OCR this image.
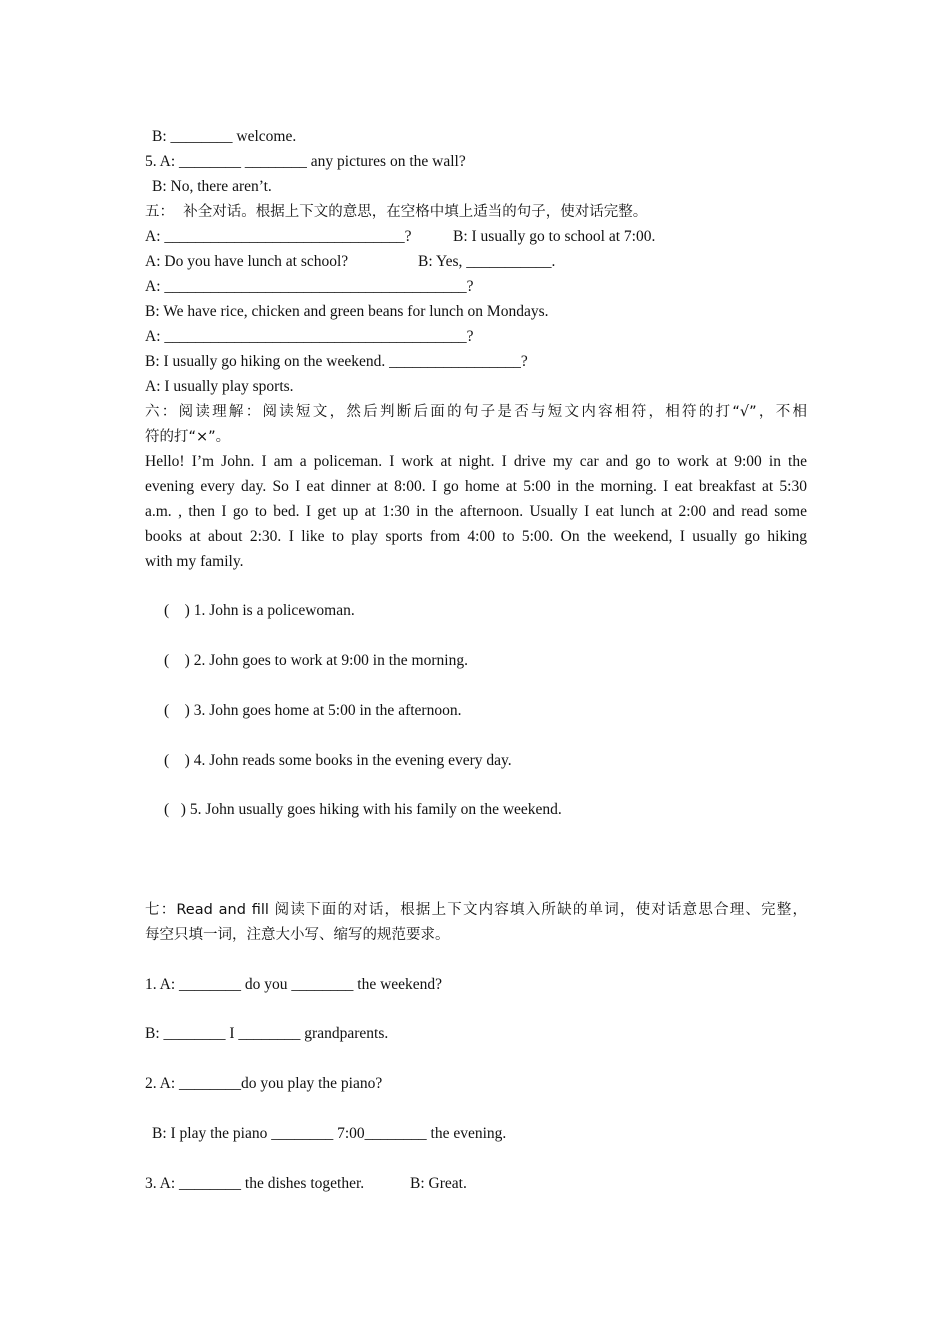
B: ________ welcome.
5. A: ________ ________ any pictures on the wall?
B: No, there aren’t.
五：  补全对话。根据上下文的意思，在空格中填上适当的句子，使对话完整。
A: _______________________________? B: I usually go to school at 7:00.
A: Do you have lunch at school?	B: Yes, ___________.
A: _______________________________________?
B: We have rice, chicken and green beans for lunch on Mondays.
A: _______________________________________?
B: I usually go hiking on the weekend. _________________?
A: I usually play sports.
六：阅读理解：阅读短文，然后判断后面的句子是否与短文内容相符，相符的打“√”，不相
符的打“×”。
Hello! I’m John. I am a policeman. I work at night. I drive my car and go to work at 9:00 in the
evening every day. So I eat dinner at 8:00. I go home at 5:00 in the morning. I eat breakfast at 5:30
a.m. , then I go to bed. I get up at 1:30 in the afternoon. Usually I eat lunch at 2:00 and read some
books at about 2:30. I like to play sports from 4:00 to 5:00. On the weekend, I usually go hiking
with my family.
(    ) 1. John is a policewoman.
(    ) 2. John goes to work at 9:00 in the morning.
(    ) 3. John goes home at 5:00 in the afternoon.
(    ) 4. John reads some books in the evening every day.
(   ) 5. John usually goes hiking with his family on the weekend.
七：Read and fill 阅读下面的对话，根据上下文内容填入所缺的单词，使对话意思合理、完整，
每空只填一词，注意大小写、缩写的规范要求。
1. A: ________ do you ________ the weekend?
B: ________ I ________ grandparents.
2. A: ________do you play the piano?
B: I play the piano ________ 7:00________ the evening.
3. A: ________ the dishes together.	B: Great.
